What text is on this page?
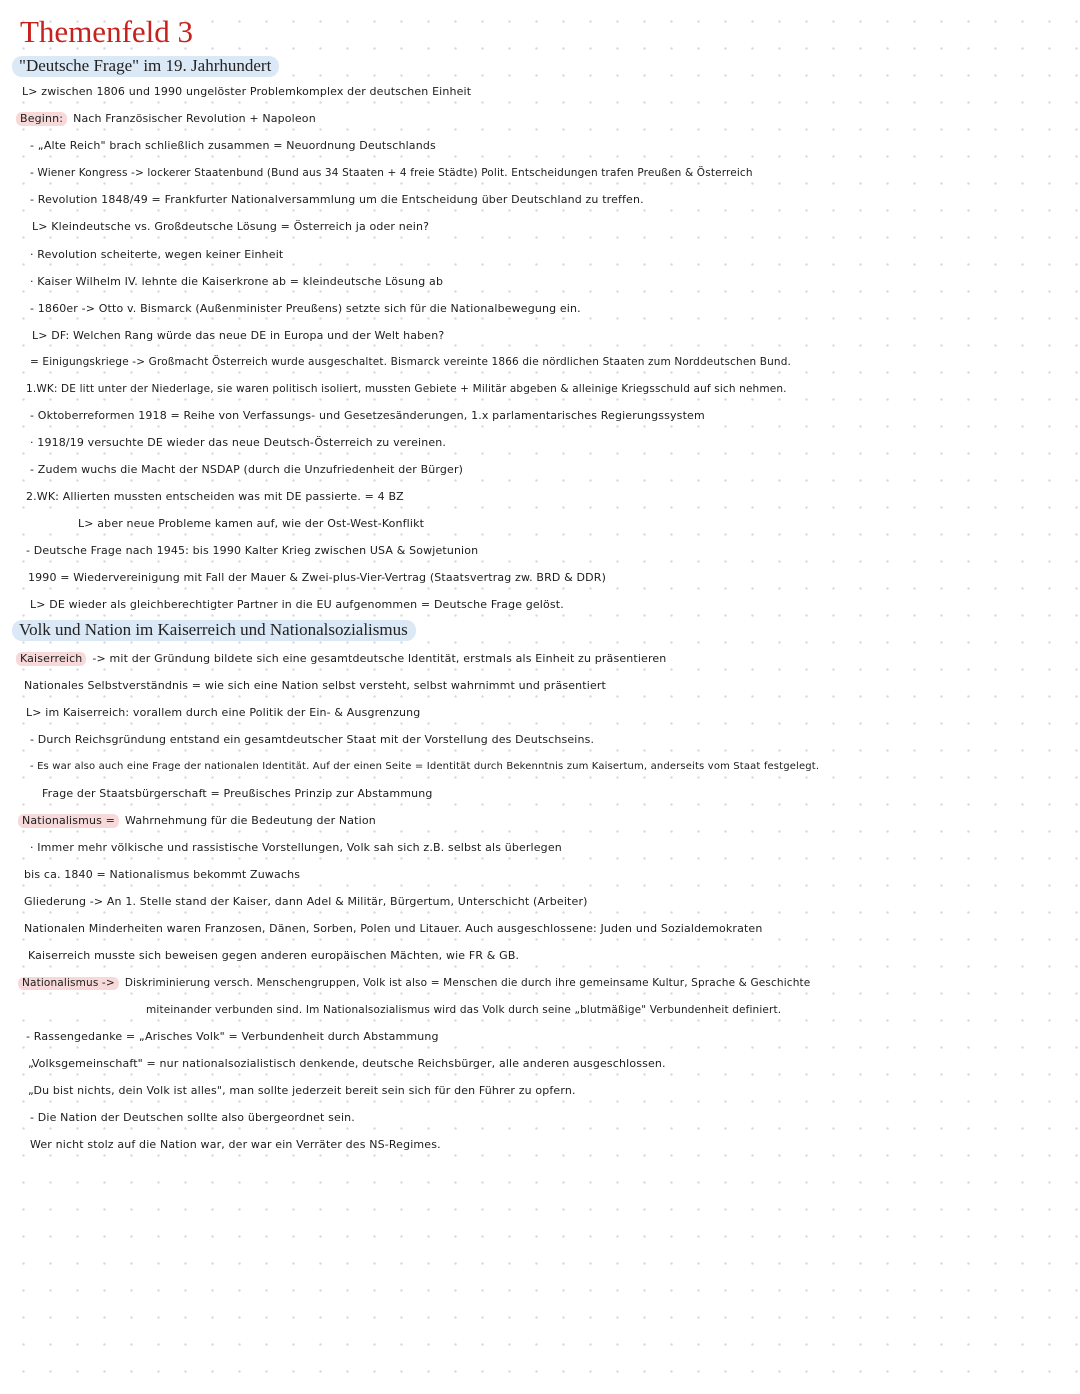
Themenfeld 3
"Deutsche Frage" im 19. Jahrhundert
L> zwischen 1806 und 1990 ungelöster Problemkomplex der deutschen Einheit
Beginn: Nach Französischer Revolution + Napoleon
- „Alte Reich" brach schließlich zusammen = Neuordnung Deutschlands
- Wiener Kongress -> lockerer Staatenbund (Bund aus 34 Staaten + 4 freie Städte) Polit. Entscheidungen trafen Preußen & Österreich
- Revolution 1848/49 = Frankfurter Nationalversammlung um die Entscheidung über Deutschland zu treffen.
L> Kleindeutsche vs. Großdeutsche Lösung = Österreich ja oder nein?
· Revolution scheiterte, wegen keiner Einheit
· Kaiser Wilhelm IV. lehnte die Kaiserkrone ab = kleindeutsche Lösung ab
- 1860er -> Otto v. Bismarck (Außenminister Preußens) setzte sich für die Nationalbewegung ein.
L> DF: Welchen Rang würde das neue DE in Europa und der Welt haben?
= Einigungskriege -> Großmacht Österreich wurde ausgeschaltet. Bismarck vereinte 1866 die nördlichen Staaten zum Norddeutschen Bund.
1.WK: DE litt unter der Niederlage, sie waren politisch isoliert, mussten Gebiete + Militär abgeben & alleinige Kriegsschuld auf sich nehmen.
- Oktoberreformen 1918 = Reihe von Verfassungs- und Gesetzesänderungen, 1.x parlamentarisches Regierungssystem
· 1918/19 versuchte DE wieder das neue Deutsch-Österreich zu vereinen.
- Zudem wuchs die Macht der NSDAP (durch die Unzufriedenheit der Bürger)
2.WK: Allierten mussten entscheiden was mit DE passierte. = 4 BZ
L> aber neue Probleme kamen auf, wie der Ost-West-Konflikt
- Deutsche Frage nach 1945: bis 1990 Kalter Krieg zwischen USA & Sowjetunion
1990 = Wiedervereinigung mit Fall der Mauer & Zwei-plus-Vier-Vertrag (Staatsvertrag zw. BRD & DDR)
L> DE wieder als gleichberechtigter Partner in die EU aufgenommen = Deutsche Frage gelöst.
Volk und Nation im Kaiserreich und Nationalsozialismus
Kaiserreich -> mit der Gründung bildete sich eine gesamtdeutsche Identität, erstmals als Einheit zu präsentieren
Nationales Selbstverständnis = wie sich eine Nation selbst versteht, selbst wahrnimmt und präsentiert
L> im Kaiserreich: vorallem durch eine Politik der Ein- & Ausgrenzung
- Durch Reichsgründung entstand ein gesamtdeutscher Staat mit der Vorstellung des Deutschseins.
- Es war also auch eine Frage der nationalen Identität. Auf der einen Seite = Identität durch Bekenntnis zum Kaisertum, anderseits vom Staat festgelegt.
Frage der Staatsbürgerschaft = Preußisches Prinzip zur Abstammung
Nationalismus = Wahrnehmung für die Bedeutung der Nation
· Immer mehr völkische und rassistische Vorstellungen, Volk sah sich z.B. selbst als überlegen
bis ca. 1840 = Nationalismus bekommt Zuwachs
Gliederung -> An 1. Stelle stand der Kaiser, dann Adel & Militär, Bürgertum, Unterschicht (Arbeiter)
Nationalen Minderheiten waren Franzosen, Dänen, Sorben, Polen und Litauer. Auch ausgeschlossene: Juden und Sozialdemokraten
Kaiserreich musste sich beweisen gegen anderen europäischen Mächten, wie FR & GB.
Nationalismus -> Diskriminierung versch. Menschengruppen, Volk ist also = Menschen die durch ihre gemeinsame Kultur, Sprache & Geschichte
miteinander verbunden sind. Im Nationalsozialismus wird das Volk durch seine „blutmäßige" Verbundenheit definiert.
- Rassengedanke = „Arisches Volk" = Verbundenheit durch Abstammung
„Volksgemeinschaft" = nur nationalsozialistisch denkende, deutsche Reichsbürger, alle anderen ausgeschlossen.
„Du bist nichts, dein Volk ist alles", man sollte jederzeit bereit sein sich für den Führer zu opfern.
- Die Nation der Deutschen sollte also übergeordnet sein.
Wer nicht stolz auf die Nation war, der war ein Verräter des NS-Regimes.
